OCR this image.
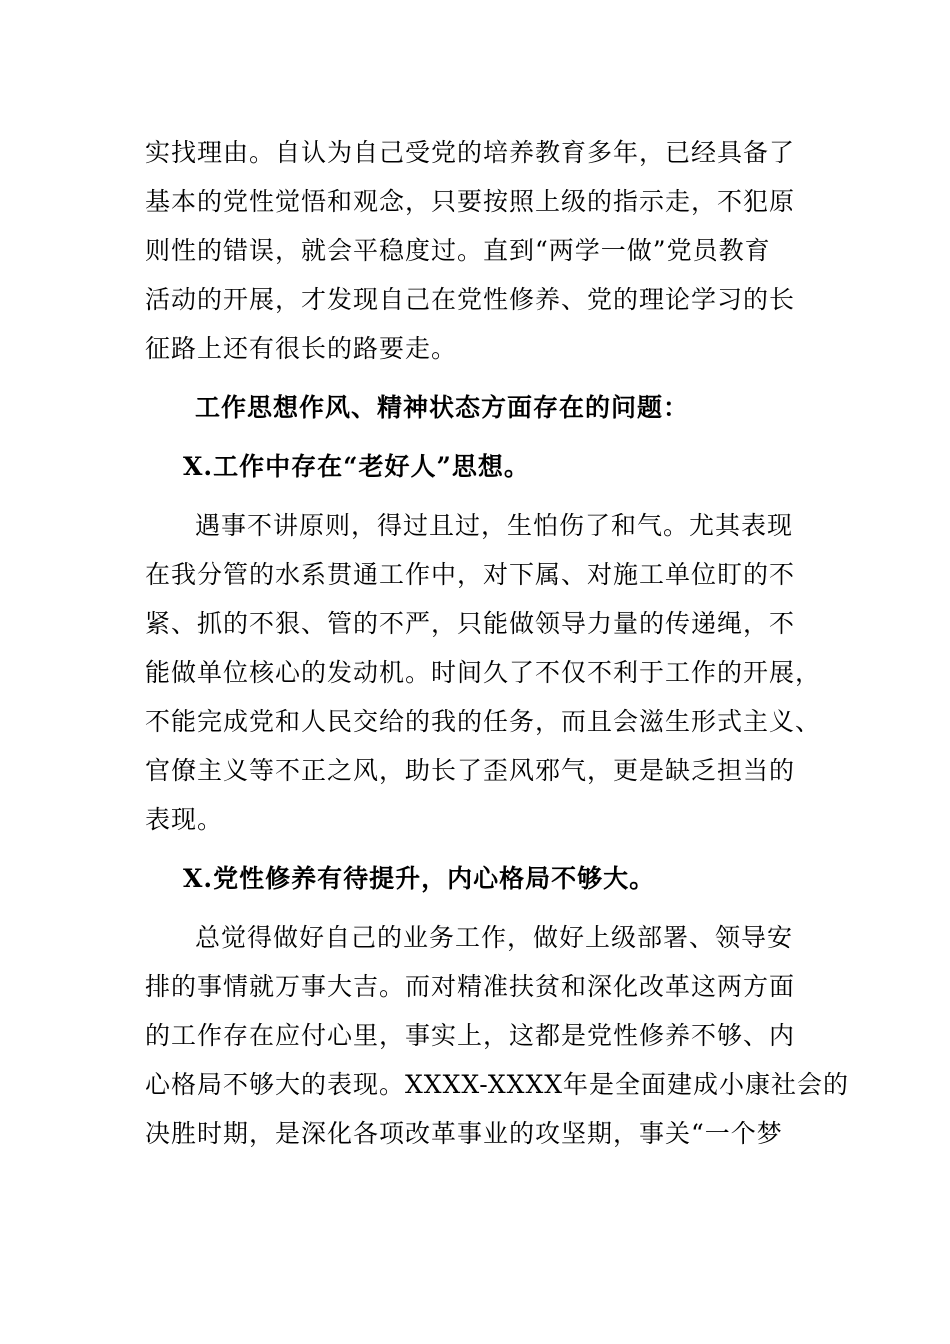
实找理由。自认为自己受党的培养教育多年，已经具备了
基本的党性觉悟和观念，只要按照上级的指示走，不犯原
则性的错误，就会平稳度过。直到“两学一做”党员教育
活动的开展，才发现自己在党性修养、党的理论学习的长
征路上还有很长的路要走。
工作思想作风、精神状态方面存在的问题：
X.工作中存在“老好人”思想。
遇事不讲原则，得过且过，生怕伤了和气。尤其表现
在我分管的水系贯通工作中，对下属、对施工单位盯的不
紧、抓的不狠、管的不严，只能做领导力量的传递绳，不
能做单位核心的发动机。时间久了不仅不利于工作的开展，
不能完成党和人民交给的我的任务，而且会滋生形式主义、
官僚主义等不正之风，助长了歪风邪气，更是缺乏担当的
表现。
X.党性修养有待提升，内心格局不够大。
总觉得做好自己的业务工作，做好上级部署、领导安
排的事情就万事大吉。而对精准扶贫和深化改革这两方面
的工作存在应付心里，事实上，这都是党性修养不够、内
心格局不够大的表现。XXXX-XXXX年是全面建成小康社会的
决胜时期，是深化各项改革事业的攻坚期，事关“一个梦
